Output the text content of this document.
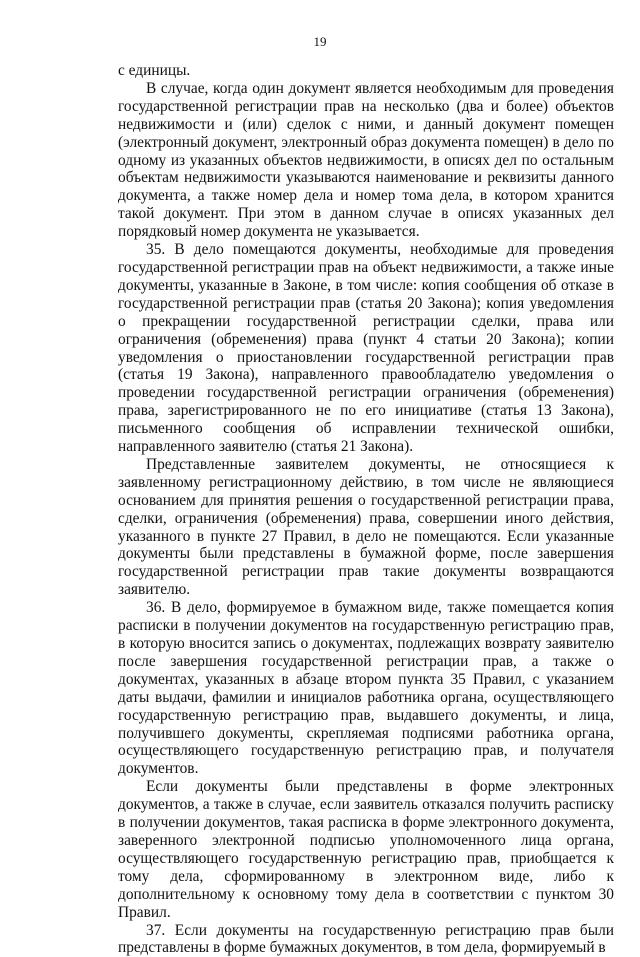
19

с единицы.

В случае, когда один документ является необходимым для проведения государственной регистрации прав на несколько (два и более) объектов недвижимости и (или) сделок с ними, и данный документ помещен (электронный документ, электронный образ документа помещен) в дело по одному из указанных объектов недвижимости, в описях дел по остальным объектам недвижимости указываются наименование и реквизиты данного документа, а также номер дела и номер тома дела, в котором хранится такой документ. При этом в данном случае в описях указанных дел порядковый номер документа не указывается.

35. В дело помещаются документы, необходимые для проведения государственной регистрации прав на объект недвижимости, а также иные документы, указанные в Законе, в том числе: копия сообщения об отказе в государственной регистрации прав (статья 20 Закона); копия уведомления о прекращении государственной регистрации сделки, права или ограничения (обременения) права (пункт 4 статьи 20 Закона); копии уведомления о приостановлении государственной регистрации прав (статья 19 Закона), направленного правообладателю уведомления о проведении государственной регистрации ограничения (обременения) права, зарегистрированного не по его инициативе (статья 13 Закона), письменного сообщения об исправлении технической ошибки, направленного заявителю (статья 21 Закона).

Представленные заявителем документы, не относящиеся к заявленному регистрационному действию, в том числе не являющиеся основанием для принятия решения о государственной регистрации права, сделки, ограничения (обременения) права, совершении иного действия, указанного в пункте 27 Правил, в дело не помещаются. Если указанные документы были представлены в бумажной форме, после завершения государственной регистрации прав такие документы возвращаются заявителю.

36. В дело, формируемое в бумажном виде, также помещается копия расписки в получении документов на государственную регистрацию прав, в которую вносится запись о документах, подлежащих возврату заявителю после завершения государственной регистрации прав, а также о документах, указанных в абзаце втором пункта 35 Правил, с указанием даты выдачи, фамилии и инициалов работника органа, осуществляющего государственную регистрацию прав, выдавшего документы, и лица, получившего документы, скрепляемая подписями работника органа, осуществляющего государственную регистрацию прав, и получателя документов.

Если документы были представлены в форме электронных документов, а также в случае, если заявитель отказался получить расписку в получении документов, такая расписка в форме электронного документа, заверенного электронной подписью уполномоченного лица органа, осуществляющего государственную регистрацию прав, приобщается к тому дела, сформированному в электронном виде, либо к дополнительному к основному тому дела в соответствии с пунктом 30 Правил.

37. Если документы на государственную регистрацию прав были представлены в форме бумажных документов, в том дела, формируемый в
